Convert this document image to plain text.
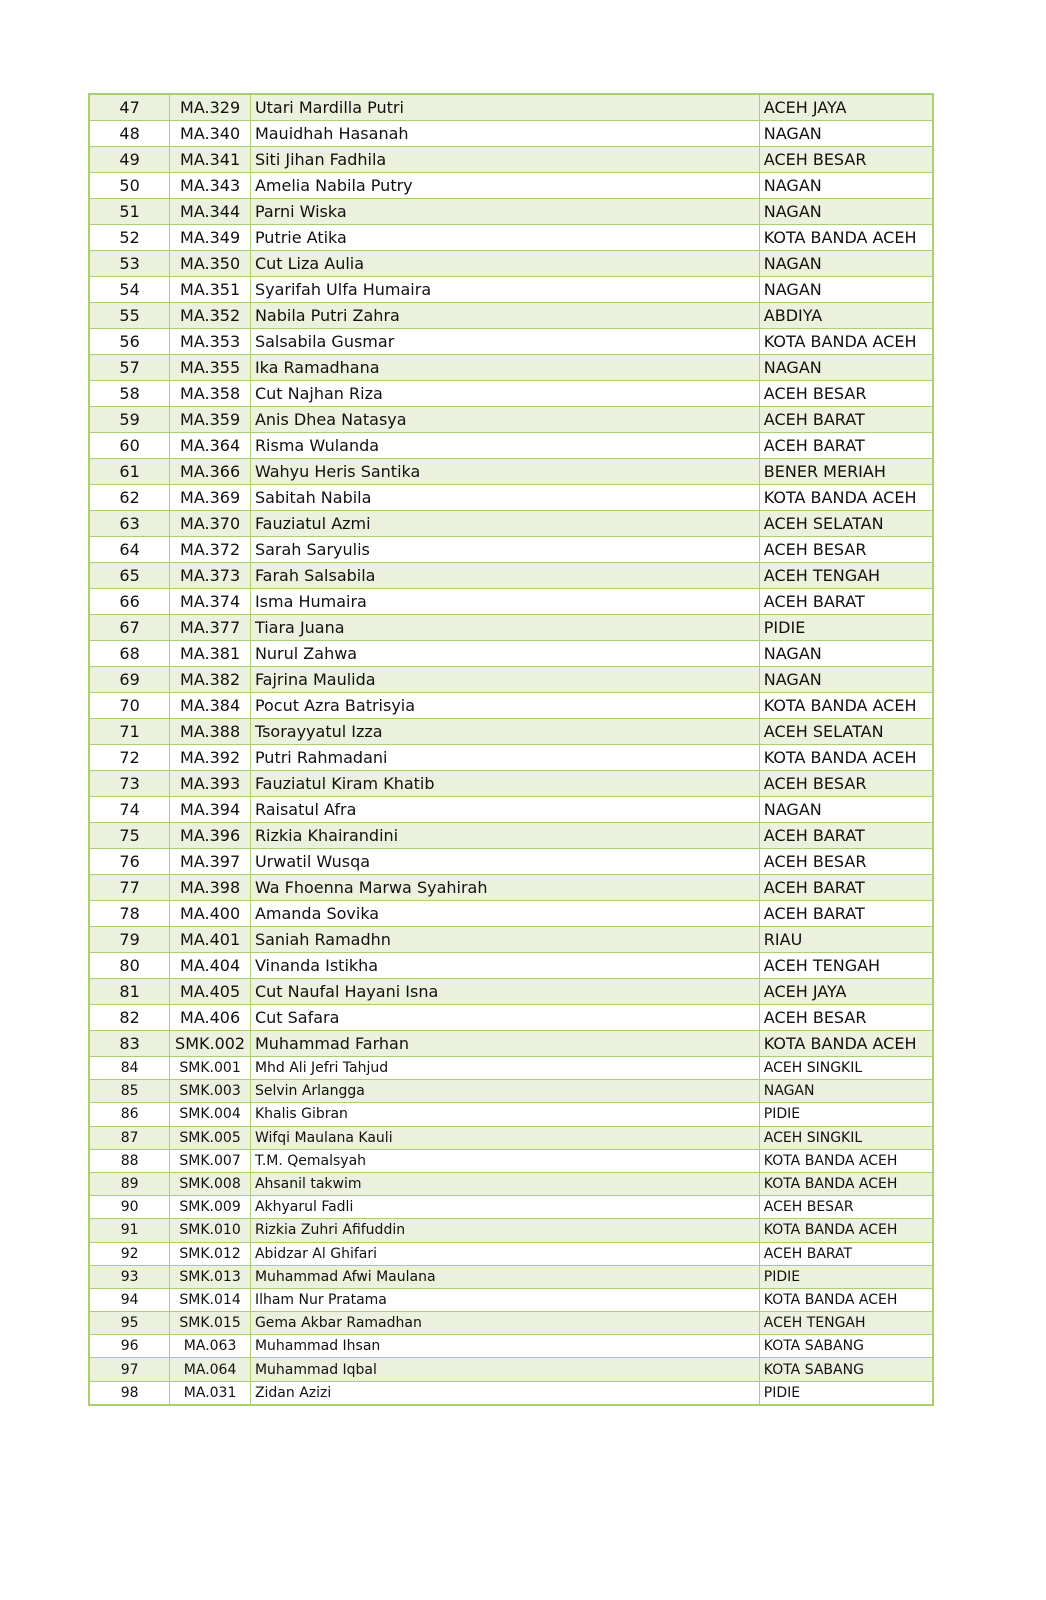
47	MA.329	Utari Mardilla Putri	ACEH JAYA
48	MA.340	Mauidhah Hasanah	NAGAN
49	MA.341	Siti Jihan Fadhila	ACEH BESAR
50	MA.343	Amelia Nabila Putry	NAGAN
51	MA.344	Parni Wiska	NAGAN
52	MA.349	Putrie Atika	KOTA BANDA ACEH
53	MA.350	Cut Liza Aulia	NAGAN
54	MA.351	Syarifah Ulfa Humaira	NAGAN
55	MA.352	Nabila Putri Zahra	ABDIYA
56	MA.353	Salsabila Gusmar	KOTA BANDA ACEH
57	MA.355	Ika Ramadhana	NAGAN
58	MA.358	Cut Najhan Riza	ACEH BESAR
59	MA.359	Anis Dhea Natasya	ACEH BARAT
60	MA.364	Risma Wulanda	ACEH BARAT
61	MA.366	Wahyu Heris Santika	BENER MERIAH
62	MA.369	Sabitah Nabila	KOTA BANDA ACEH
63	MA.370	Fauziatul Azmi	ACEH SELATAN
64	MA.372	Sarah Saryulis	ACEH BESAR
65	MA.373	Farah Salsabila	ACEH TENGAH
66	MA.374	Isma Humaira	ACEH BARAT
67	MA.377	Tiara Juana	PIDIE
68	MA.381	Nurul Zahwa	NAGAN
69	MA.382	Fajrina Maulida	NAGAN
70	MA.384	Pocut Azra Batrisyia	KOTA BANDA ACEH
71	MA.388	Tsorayyatul Izza	ACEH SELATAN
72	MA.392	Putri Rahmadani	KOTA BANDA ACEH
73	MA.393	Fauziatul Kiram Khatib	ACEH BESAR
74	MA.394	Raisatul Afra	NAGAN
75	MA.396	Rizkia Khairandini	ACEH BARAT
76	MA.397	Urwatil Wusqa	ACEH BESAR
77	MA.398	Wa Fhoenna Marwa Syahirah	ACEH BARAT
78	MA.400	Amanda Sovika	ACEH BARAT
79	MA.401	Saniah Ramadhn	RIAU
80	MA.404	Vinanda Istikha	ACEH TENGAH
81	MA.405	Cut Naufal Hayani Isna	ACEH JAYA
82	MA.406	Cut Safara	ACEH BESAR
83	SMK.002	Muhammad Farhan	KOTA BANDA ACEH
84	SMK.001	Mhd Ali Jefri Tahjud	ACEH SINGKIL
85	SMK.003	Selvin Arlangga	NAGAN
86	SMK.004	Khalis Gibran	PIDIE
87	SMK.005	Wifqi Maulana Kauli	ACEH SINGKIL
88	SMK.007	T.M. Qemalsyah	KOTA BANDA ACEH
89	SMK.008	Ahsanil takwim	KOTA BANDA ACEH
90	SMK.009	Akhyarul Fadli	ACEH BESAR
91	SMK.010	Rizkia Zuhri Afifuddin	KOTA BANDA ACEH
92	SMK.012	Abidzar Al Ghifari	ACEH BARAT
93	SMK.013	Muhammad Afwi Maulana	PIDIE
94	SMK.014	Ilham Nur Pratama	KOTA BANDA ACEH
95	SMK.015	Gema Akbar Ramadhan	ACEH TENGAH
96	MA.063	Muhammad Ihsan	KOTA SABANG
97	MA.064	Muhammad Iqbal	KOTA SABANG
98	MA.031	Zidan Azizi	PIDIE
